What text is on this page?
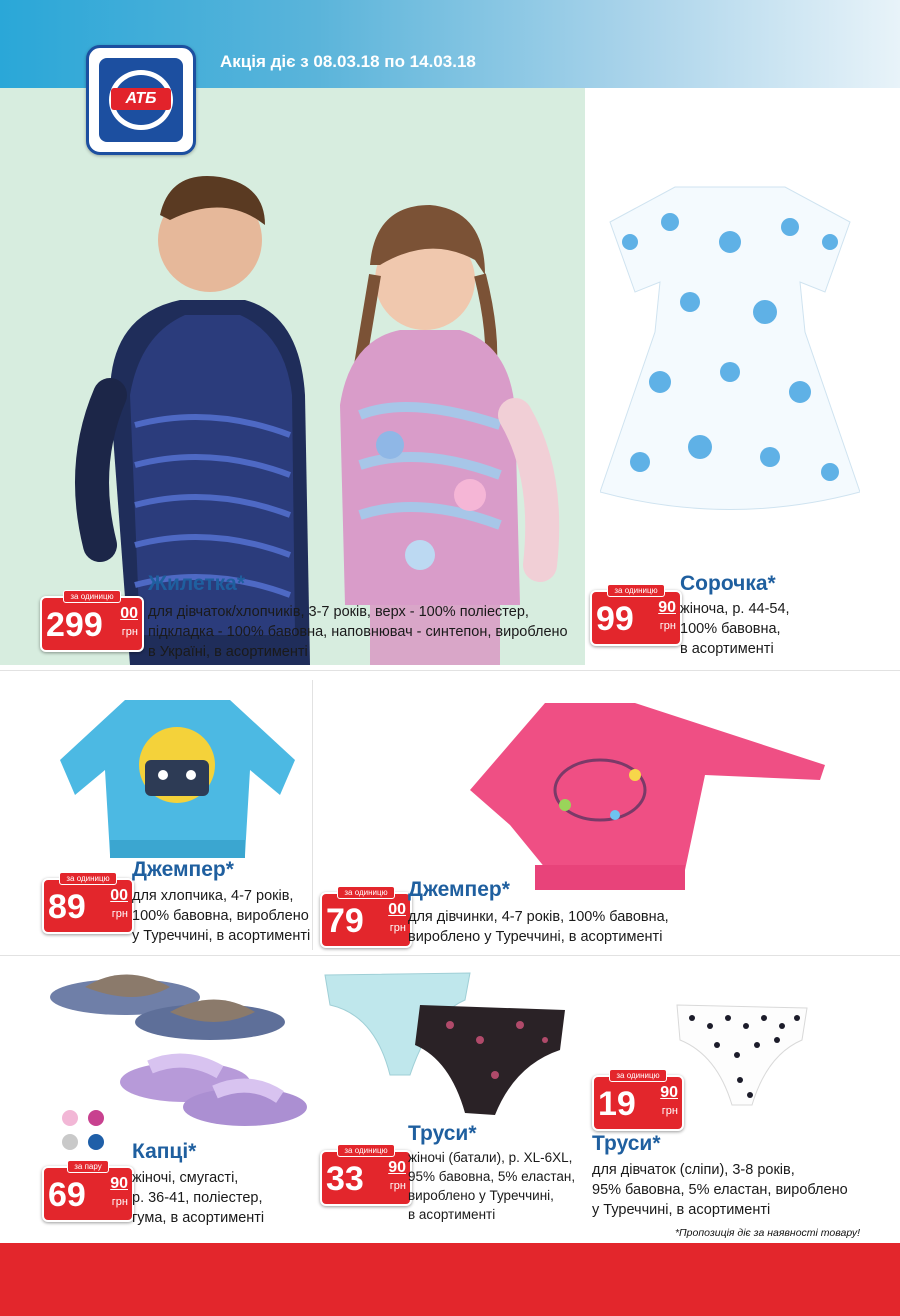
Акція діє з 08.03.18 по 14.03.18
АТБ
за одиницю
299 00
грн
Жилетка*
для дівчаток/хлопчиків, 3-7 років, верх - 100% поліестер, підкладка - 100% бавовна, наповнювач - синтепон, вироблено в Україні, в асортименті
за одиницю
99 90
грн
Сорочка*
жіноча, р. 44-54,
100% бавовна,
в асортименті
за одиницю
89 00
грн
Джемпер*
для хлопчика, 4-7 років,
100% бавовна, вироблено
у Туреччині, в асортименті
за одиницю
79 00
грн
Джемпер*
для дівчинки, 4-7 років, 100% бавовна,
вироблено у Туреччині, в асортименті
за пару
69 90
грн
Капці*
жіночі, смугасті,
р. 36-41, поліестер,
гума, в асортименті
за одиницю
33 90
грн
Труси*
жіночі (батали), р. XL-6XL,
95% бавовна, 5% еластан,
вироблено у Туреччині,
в асортименті
за одиницю
19 90
грн
Труси*
для дівчаток (сліпи), 3-8 років,
95% бавовна, 5% еластан, вироблено
у Туреччині, в асортименті
*Пропозиція діє за наявності товару!
